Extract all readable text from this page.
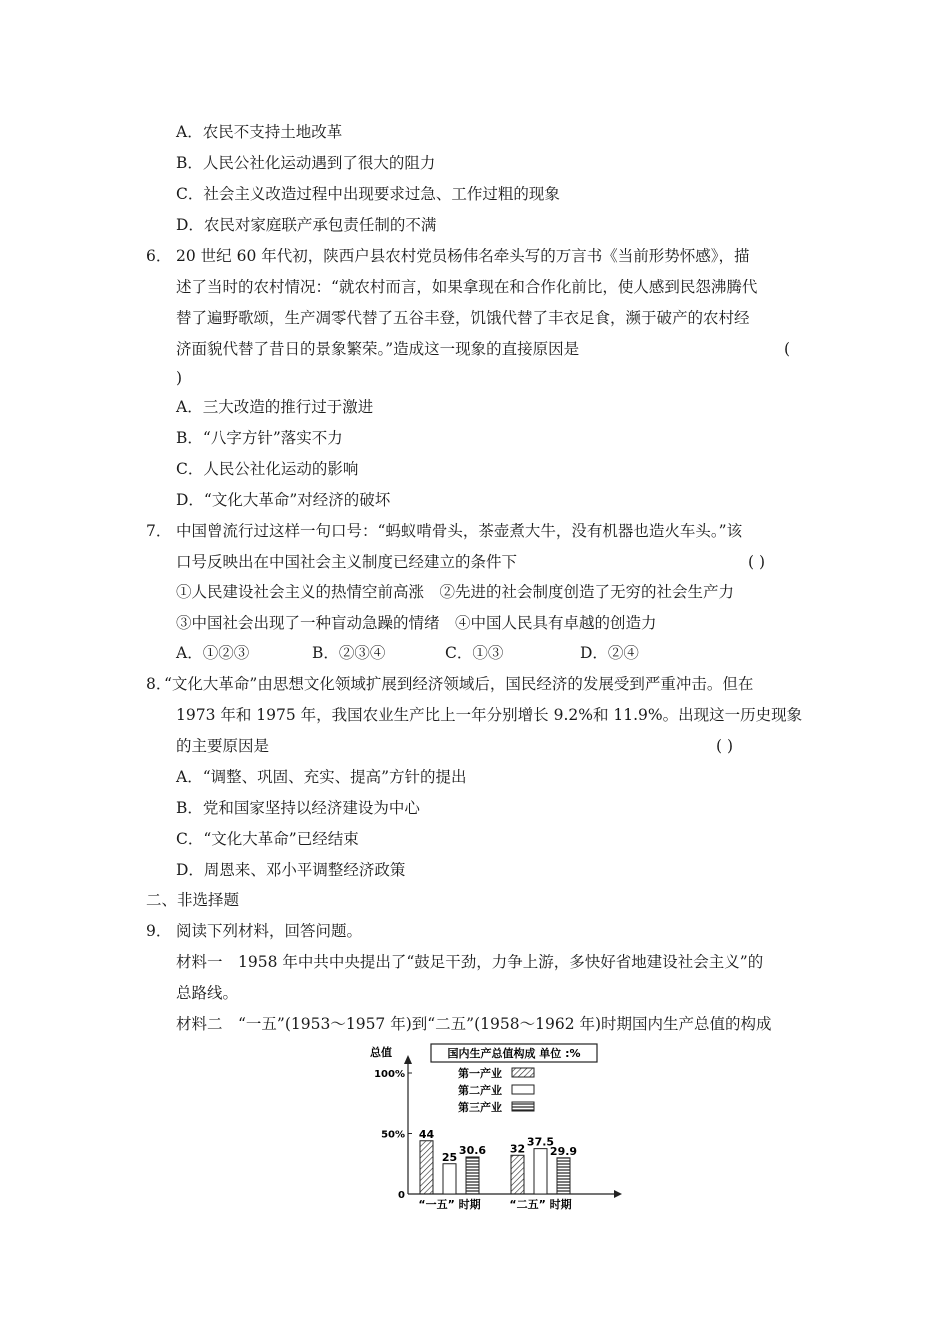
A．农民不支持土地改革
B．人民公社化运动遇到了很大的阻力
C．社会主义改造过程中出现要求过急、工作过粗的现象
D．农民对家庭联产承包责任制的不满
6． 20 世纪 60 年代初，陕西户县农村党员杨伟名牵头写的万言书《当前形势怀感》，描
述了当时的农村情况：“就农村而言，如果拿现在和合作化前比，使人感到民怨沸腾代
替了遍野歌颂，生产凋零代替了五谷丰登，饥饿代替了丰衣足食，濒于破产的农村经
济面貌代替了昔日的景象繁荣。”造成这一现象的直接原因是	(
)
A．三大改造的推行过于激进
B．“八字方针”落实不力
C．人民公社化运动的影响
D．“文化大革命”对经济的破坏
7． 中国曾流行过这样一句口号：“蚂蚁啃骨头，茶壶煮大牛，没有机器也造火车头。”该
口号反映出在中国社会主义制度已经建立的条件下	( )
①人民建设社会主义的热情空前高涨　②先进的社会制度创造了无穷的社会生产力
③中国社会出现了一种盲动急躁的情绪　④中国人民具有卓越的创造力
A．①②③	B．②③④	C．①③	D．②④
8．
“文化大革命”由思想文化领域扩展到经济领域后，国民经济的发展受到严重冲击。但在
1973 年和 1975 年，我国农业生产比上一年分别增长 9.2%和 11.9%。出现这一历史现象
的主要原因是	( )
A．“调整、巩固、充实、提高”方针的提出
B．党和国家坚持以经济建设为中心
C．“文化大革命”已经结束
D．周恩来、邓小平调整经济政策
二、非选择题
9． 阅读下列材料，回答问题。
材料一　1958 年中共中央提出了“鼓足干劲，力争上游，多快好省地建设社会主义”的
总路线。
材料二　“一五”(1953～1957 年)到“二五”(1958～1962 年)时期国内生产总值的构成
总值
100%
50%
0
国内生产总值构成 单位 :%
第一产业
第二产业
第三产业
44
25
30.6
“一五” 时期
32
37.5
29.9
“二五” 时期
